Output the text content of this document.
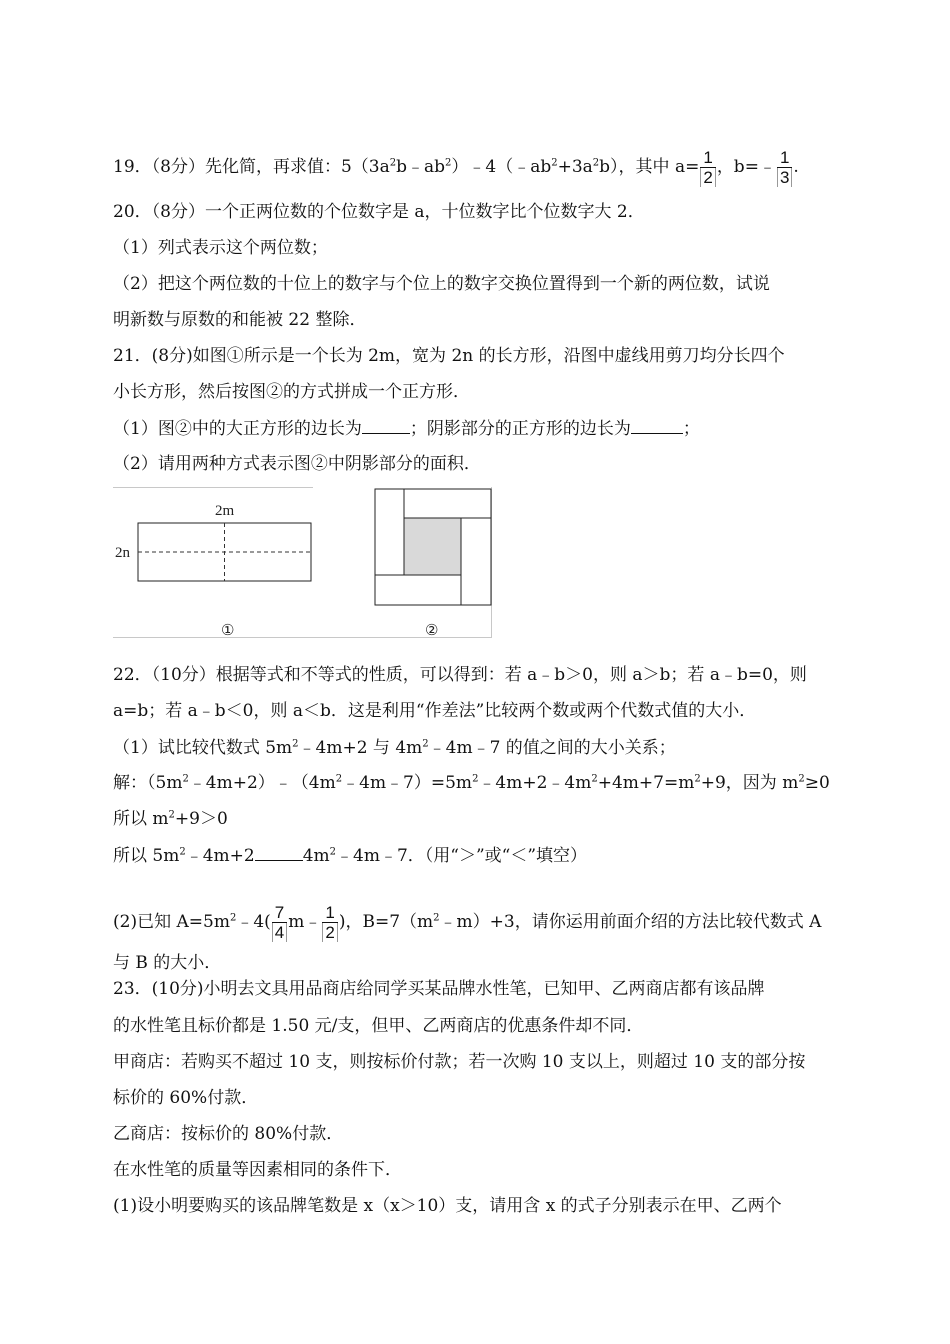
19．（8分）先化简，再求值：$5(3a^2b﹣ab^2)﹣4(﹣ab^2+3a^2b)$，其中 $a= \frac{1}{2}$ ，b=﹣ $\frac{1}{3}$ .
20．（8分）一个正两位数的个位数字是 a，十位数字比个位数字大 2．
（1）列式表示这个两位数；
（2）把这个两位数的十位上的数字与个位上的数字交换位置得到一个新的两位数，试说
明新数与原数的和能被 22 整除．
21．(8分)如图①所示是一个长为 2m，宽为 2n 的长方形，沿图中虚线用剪刀均分长四个
小长方形，然后按图②的方式拼成一个正方形．
（1）图②中的大正方形的边长为	；阴影部分的正方形的边长为	；
（2）请用两种方式表示图②中阴影部分的面积．
2m
2n
①	②
22．（10分）根据等式和不等式的性质，可以得到：若 a﹣b＞0，则 a＞b；若 a﹣b=0，则
a=b；若 a﹣b＜0，则 a＜b．这是利用“作差法”比较两个数或两个代数式值的大小．
（1）试比较代数式 $5m^2﹣4m+2$ 与 $4m^2﹣4m﹣7$ 的值之间的大小关系；
解：$(5m^2﹣4m+2)﹣(4m^2﹣4m﹣7)=5m^2﹣4m+2﹣4m^2+4m+7=m^2+9$，因为 $m^2\ge 0$
所以 $m^2+9>0$
所以 $5m^2﹣4m+2$	$4m^2﹣4m﹣7$．（用“＞”或“＜”填空）
(2)已知 $A=5m^2﹣4( \frac{7}{4}$ m﹣ $\frac{1}{2}$ )，$B=7(m^2﹣m)+3$，请你运用前面介绍的方法比较代数式 A
与 B 的大小．
23．(10分)小明去文具用品商店给同学买某品牌水性笔，已知甲、乙两商店都有该品牌
的水性笔且标价都是 1.50 元/支，但甲、乙两商店的优惠条件却不同．
甲商店：若购买不超过 10 支，则按标价付款；若一次购 10 支以上，则超过 10 支的部分按
标价的 60%付款．
乙商店：按标价的 80%付款．
在水性笔的质量等因素相同的条件下．
(1)设小明要购买的该品牌笔数是 x（x＞10）支，请用含 x 的式子分别表示在甲、乙两个
